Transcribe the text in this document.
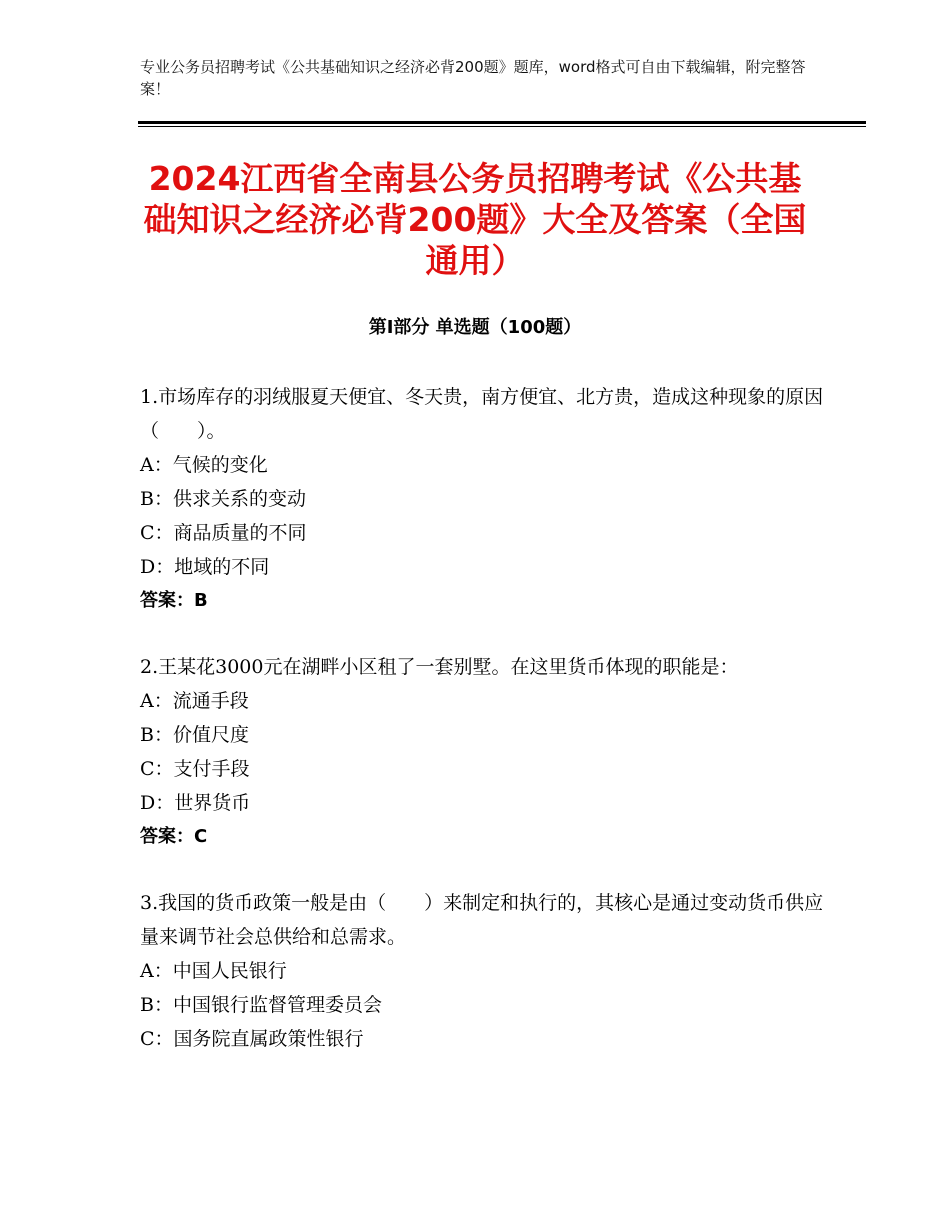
专业公务员招聘考试《公共基础知识之经济必背200题》题库，word格式可自由下载编辑，附完整答案！
2024江西省全南县公务员招聘考试《公共基础知识之经济必背200题》大全及答案（全国通用）
第Ⅰ部分 单选题（100题）
1.市场库存的羽绒服夏天便宜、冬天贵，南方便宜、北方贵，造成这种现象的原因（　　）。
A：气候的变化
B：供求关系的变动
C：商品质量的不同
D：地域的不同
答案：B
2.王某花3000元在湖畔小区租了一套别墅。在这里货币体现的职能是：
A：流通手段
B：价值尺度
C：支付手段
D：世界货币
答案：C
3.我国的货币政策一般是由（　　）来制定和执行的，其核心是通过变动货币供应量来调节社会总供给和总需求。
A：中国人民银行
B：中国银行监督管理委员会
C：国务院直属政策性银行
